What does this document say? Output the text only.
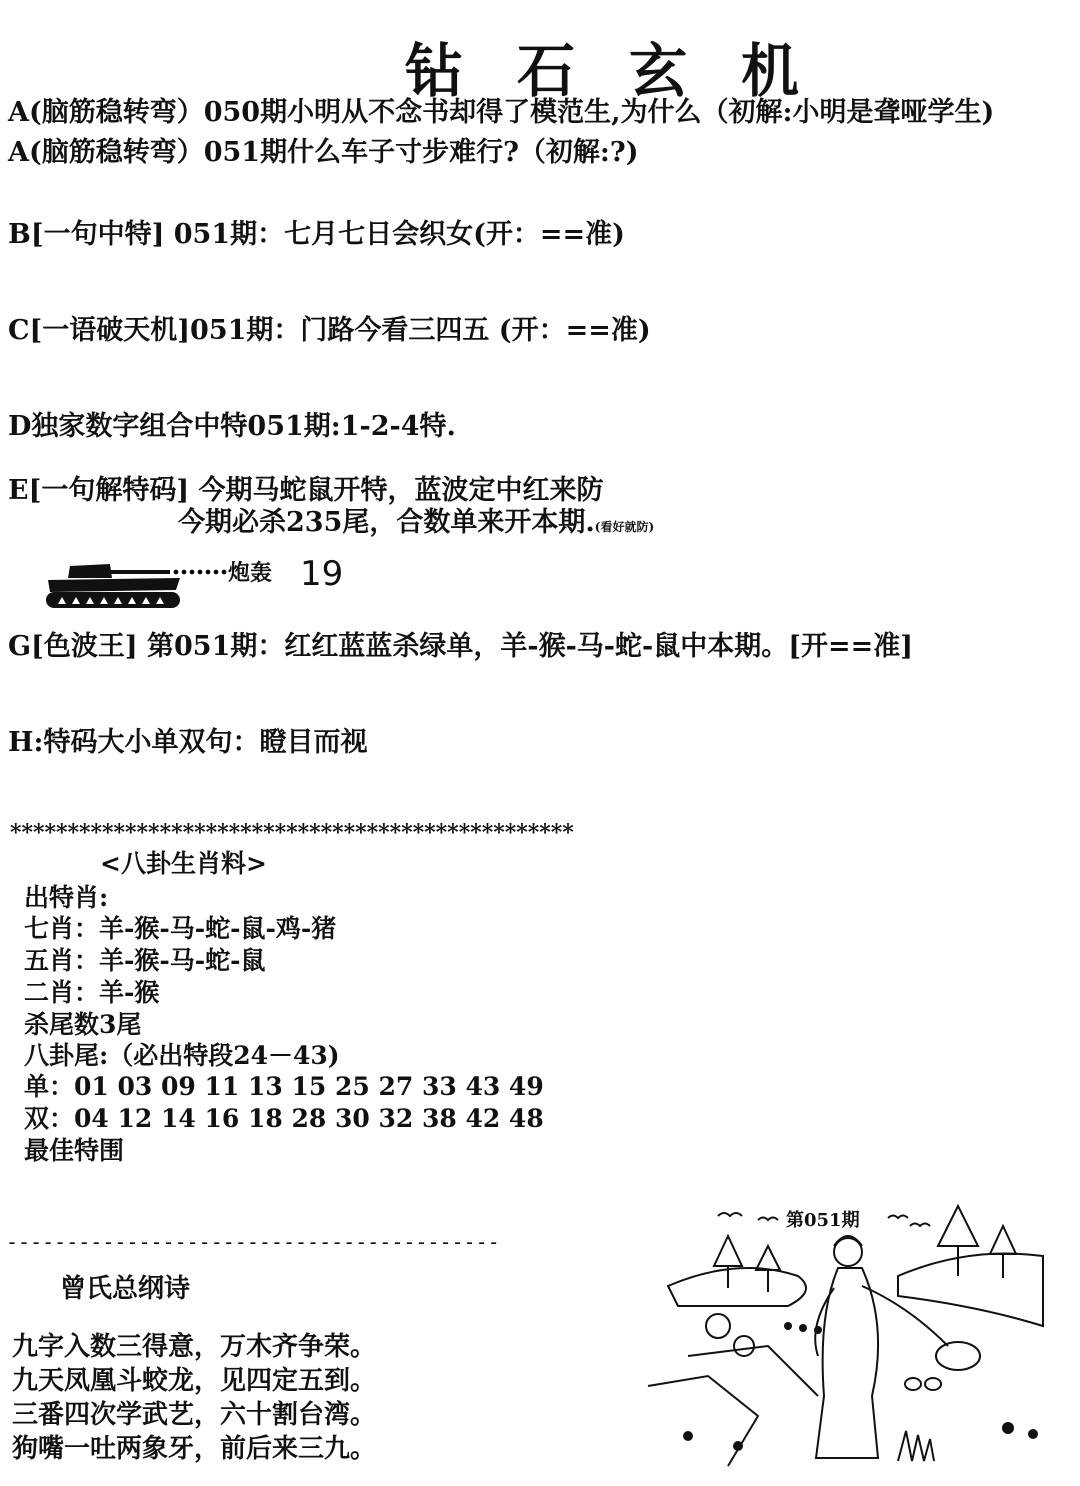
钻石玄机
A(脑筋稳转弯）050期小明从不念书却得了模范生,为什么（初解:小明是聋哑学生)
A(脑筋稳转弯）051期什么车子寸步难行?（初解:?)
B[一句中特] 051期：七月七日会织女(开：==准)
C[一语破天机]051期：门路今看三四五 (开：==准)
D独家数字组合中特051期:1-2-4特.
E[一句解特码] 今期马蛇鼠开特，蓝波定中红来防
今期必杀235尾，合数单来开本期.(看好就防)
炮轰 19
G[色波王] 第051期：红红蓝蓝杀绿单，羊-猴-马-蛇-鼠中本期。[开==准]
H:特码大小单双句：瞪目而视
*************************************************
<八卦生肖料>
出特肖:
七肖：羊-猴-马-蛇-鼠-鸡-猪
五肖：羊-猴-马-蛇-鼠
二肖：羊-猴
杀尾数3尾
八卦尾:（必出特段24－43)
单：01 03 09 11 13 15 25 27 33 43 49
双：04 12 14 16 18 28 30 32 38 42 48
最佳特围
-----------------------------------------
曾氏总纲诗
九字入数三得意，万木齐争荣。
九天凤凰斗蛟龙，见四定五到。
三番四次学武艺，六十割台湾。
狗嘴一吐两象牙，前后来三九。
第051期
